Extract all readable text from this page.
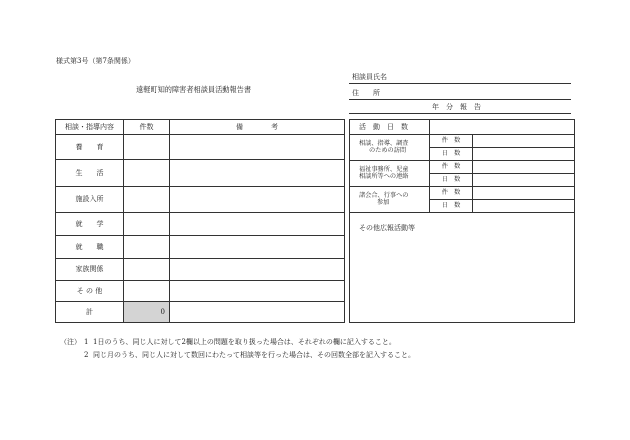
様式第3号（第7条関係）
遠軽町知的障害者相談員活動報告書
相談員氏名
住　　所
年　分　報　告
相談・指導内容	件数	備　　　　考
養　　育
生　　活
施設入所
就　　学
就　　職
家族関係
そ の 他
計	0
活　動　日　数
相談、指導、調査
のための訪問
件　数
日　数
福祉事務所、児童
相談所等への連絡
件　数
日　数
諸会合、行事への
参加
件　数
日　数
その他広報活動等
（注） 1 1日のうち、同じ人に対して2欄以上の問題を取り扱った場合は、それぞれの欄に記入すること。
2 同じ月のうち、同じ人に対して数回にわたって相談等を行った場合は、その回数全部を記入すること。
